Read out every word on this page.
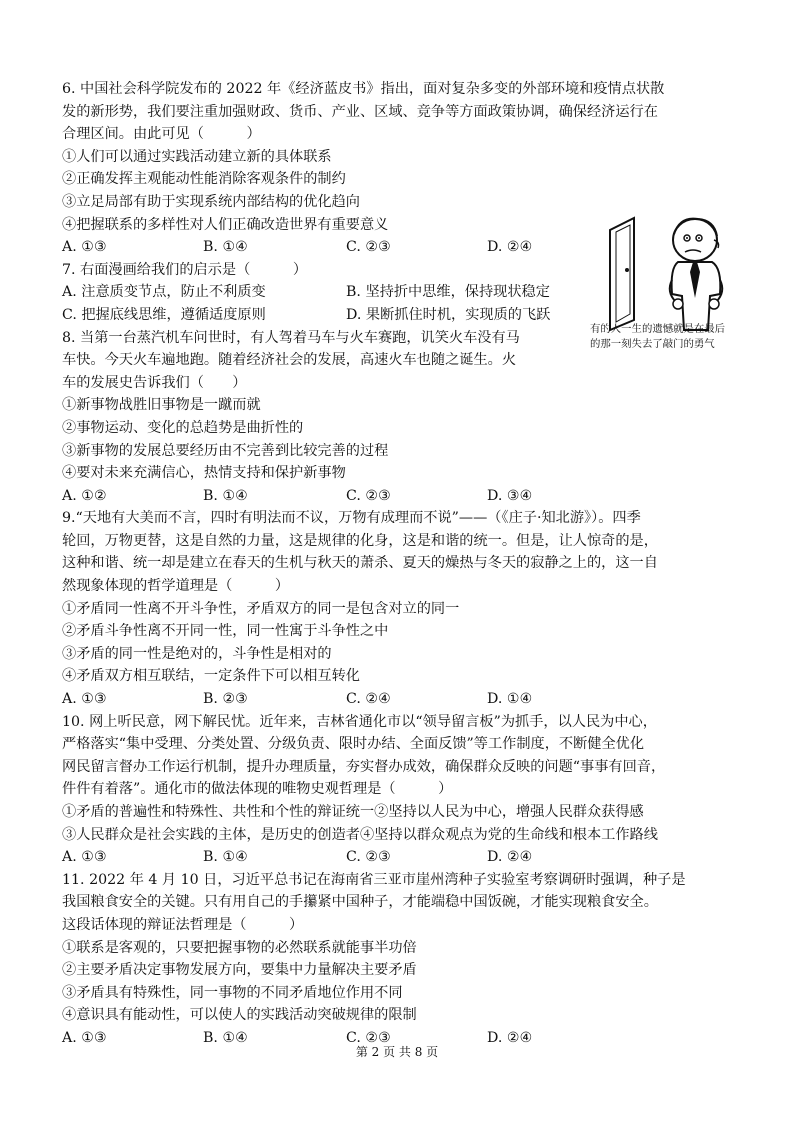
6. 中国社会科学院发布的 2022 年《经济蓝皮书》指出，面对复杂多变的外部环境和疫情点状散
发的新形势，我们要注重加强财政、货币、产业、区域、竞争等方面政策协调，确保经济运行在
合理区间。由此可见（　　　）
①人们可以通过实践活动建立新的具体联系
②正确发挥主观能动性能消除客观条件的制约
③立足局部有助于实现系统内部结构的优化趋向
④把握联系的多样性对人们正确改造世界有重要意义
A. ①③	B. ①④	C. ②③	D. ②④
7. 右面漫画给我们的启示是（　　　）
A. 注意质变节点，防止不利质变	B. 坚持折中思维，保持现状稳定
C. 把握底线思维，遵循适度原则	D. 果断抓住时机，实现质的飞跃
8. 当第一台蒸汽机车问世时，有人驾着马车与火车赛跑，讥笑火车没有马
车快。今天火车遍地跑。随着经济社会的发展，高速火车也随之诞生。火
车的发展史告诉我们（　　）
①新事物战胜旧事物是一蹴而就
②事物运动、变化的总趋势是曲折性的
③新事物的发展总要经历由不完善到比较完善的过程
④要对未来充满信心，热情支持和保护新事物
A. ①②	B. ①④	C. ②③	D. ③④
9.“天地有大美而不言，四时有明法而不议，万物有成理而不说”——（《庄子·知北游》）。四季
轮回，万物更替，这是自然的力量，这是规律的化身，这是和谐的统一。但是，让人惊奇的是，
这种和谐、统一却是建立在春天的生机与秋天的萧杀、夏天的燥热与冬天的寂静之上的，这一自
然现象体现的哲学道理是（　　　）
①矛盾同一性离不开斗争性，矛盾双方的同一是包含对立的同一
②矛盾斗争性离不开同一性，同一性寓于斗争性之中
③矛盾的同一性是绝对的，斗争性是相对的
④矛盾双方相互联结，一定条件下可以相互转化
A. ①③	B. ②③	C. ②④	D. ①④
10. 网上听民意，网下解民忧。近年来，吉林省通化市以“领导留言板”为抓手，以人民为中心，
严格落实“集中受理、分类处置、分级负责、限时办结、全面反馈”等工作制度，不断健全优化
网民留言督办工作运行机制，提升办理质量，夯实督办成效，确保群众反映的问题“事事有回音，
件件有着落”。通化市的做法体现的唯物史观哲理是（　　　）
①矛盾的普遍性和特殊性、共性和个性的辩证统一②坚持以人民为中心，增强人民群众获得感
③人民群众是社会实践的主体，是历史的创造者④坚持以群众观点为党的生命线和根本工作路线
A. ①③	B. ①④	C. ②③	D. ②④
11. 2022 年 4 月 10 日，习近平总书记在海南省三亚市崖州湾种子实验室考察调研时强调，种子是
我国粮食安全的关键。只有用自己的手攥紧中国种子，才能端稳中国饭碗，才能实现粮食安全。
这段话体现的辩证法哲理是（　　　）
①联系是客观的，只要把握事物的必然联系就能事半功倍
②主要矛盾决定事物发展方向，要集中力量解决主要矛盾
③矛盾具有特殊性，同一事物的不同矛盾地位作用不同
④意识具有能动性，可以使人的实践活动突破规律的限制
A. ①③	B. ①④	C. ②③	D. ②④
有的人一生的遗憾就是在最后
的那一刻失去了敲门的勇气
第 2 页 共 8 页
